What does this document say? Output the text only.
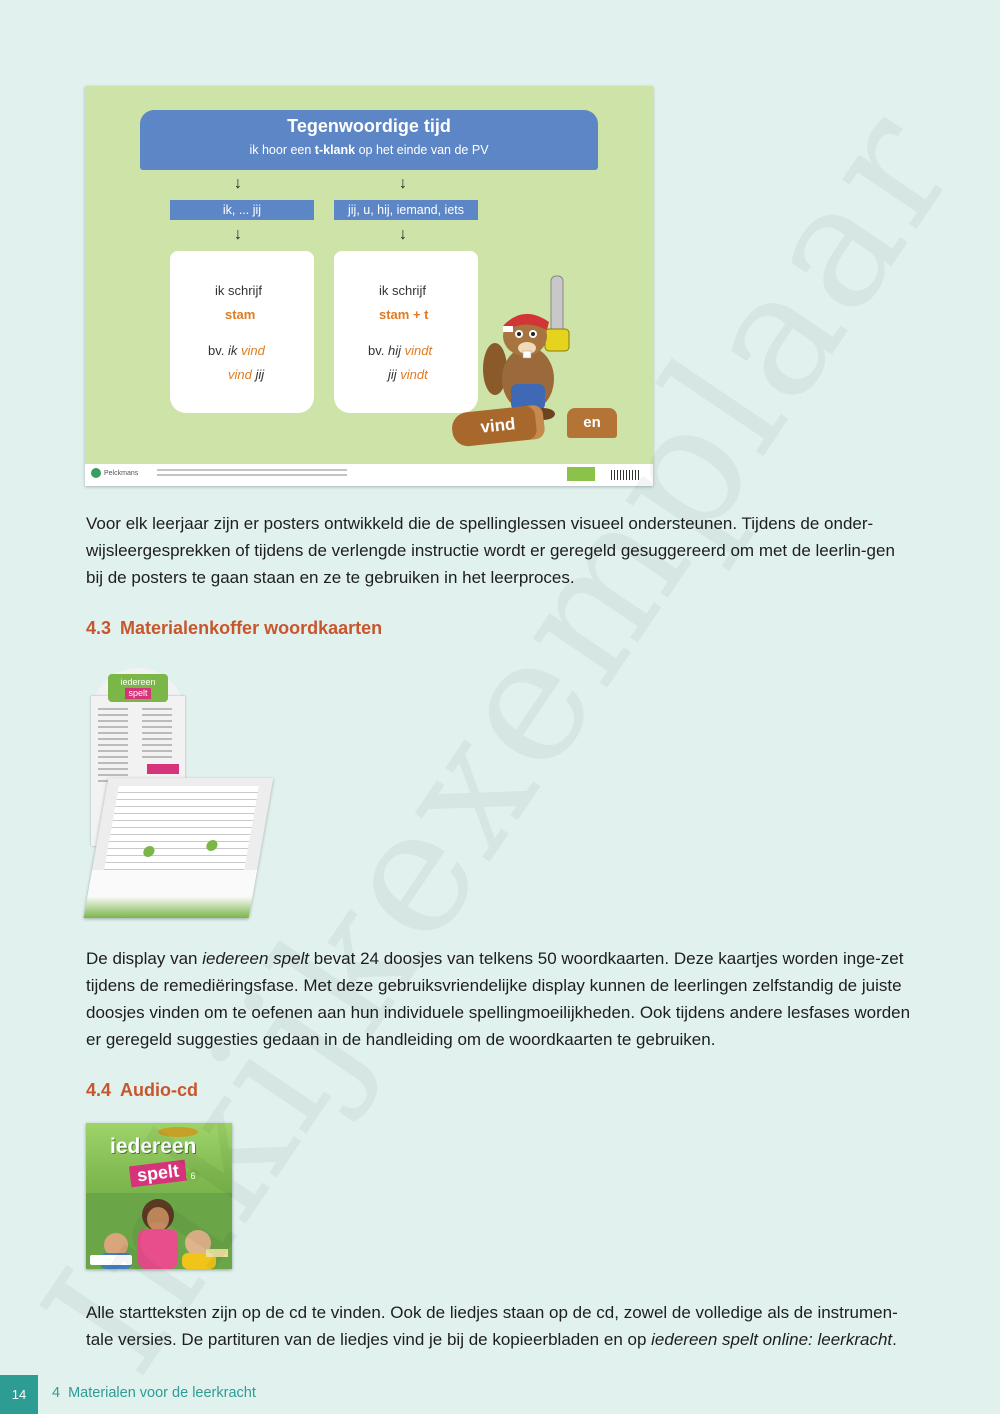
Tegenwoordige tijd
ik hoor een t-klank op het einde van de PV
↓	↓
ik, ... jij	jij, u, hij, iemand, iets
↓	↓
ik schrijf
stam
bv. ik vind
vind jij
ik schrijf
stam + t
bv. hij vindt
jij vindt
vind	en
Pelckmans

Voor elk leerjaar zijn er posters ontwikkeld die de spellinglessen visueel ondersteunen. Tijdens de onder-wijsleergesprekken of tijdens de verlengde instructie wordt er geregeld gesuggereerd om met de leerlin-gen bij de posters te gaan staan en ze te gebruiken in het leerproces.

4.3 Materialenkoffer woordkaarten
iedereen
spelt

De display van iedereen spelt bevat 24 doosjes van telkens 50 woordkaarten. Deze kaartjes worden inge-zet tijdens de remediëringsfase. Met deze gebruiksvriendelijke display kunnen de leerlingen zelfstandig de juiste doosjes vinden om te oefenen aan hun individuele spellingmoeilijkheden. Ook tijdens andere lesfases worden er geregeld suggesties gedaan in de handleiding om de woordkaarten te gebruiken.

4.4 Audio-cd
iedereen
spelt	6

Alle startteksten zijn op de cd te vinden. Ook de liedjes staan op de cd, zowel de volledige als de instrumen-tale versies. De partituren van de liedjes vind je bij de kopieerbladen en op iedereen spelt online: leerkracht.

14	4 Materialen voor de leerkracht
